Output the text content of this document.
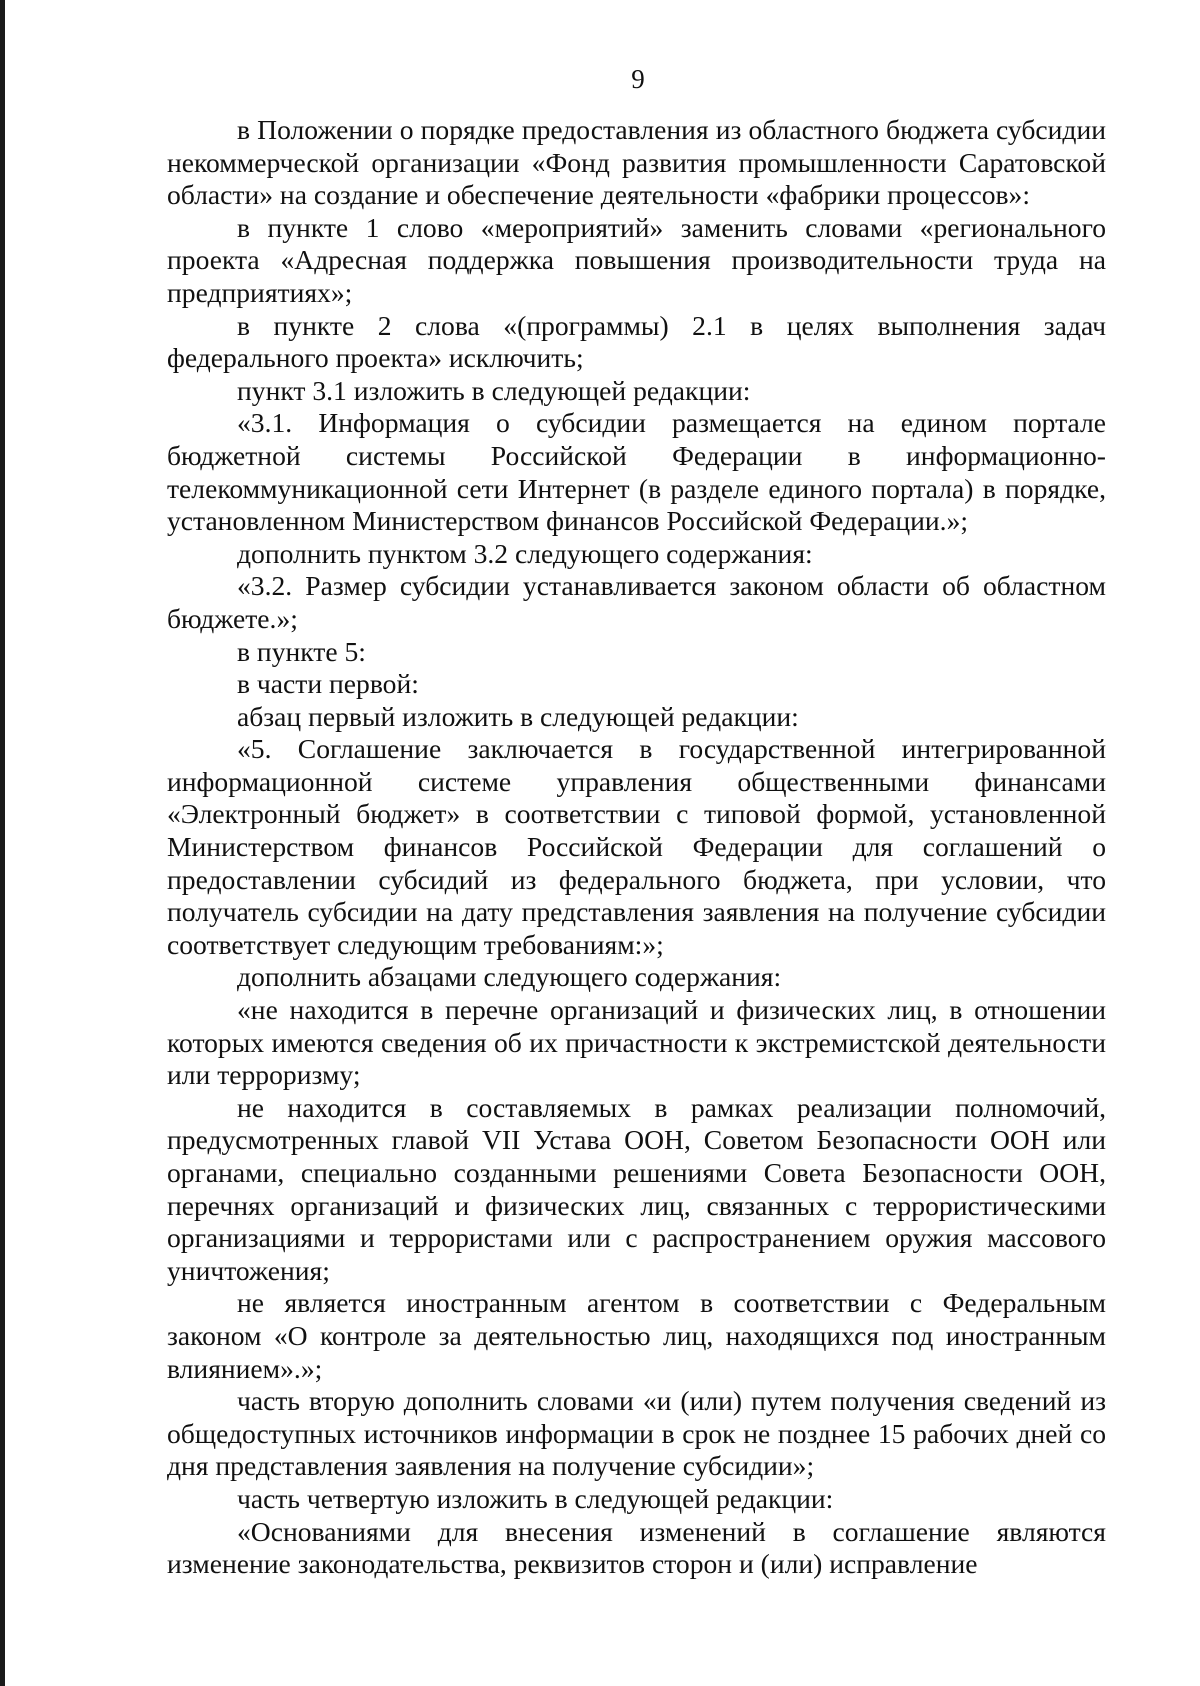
9

в Положении о порядке предоставления из областного бюджета субсидии некоммерческой организации «Фонд развития промышленности Саратовской области» на создание и обеспечение деятельности «фабрики процессов»:

в пункте 1 слово «мероприятий» заменить словами «регионального проекта «Адресная поддержка повышения производительности труда на предприятиях»;

в пункте 2 слова «(программы) 2.1 в целях выполнения задач федерального проекта» исключить;

пункт 3.1 изложить в следующей редакции:

«3.1. Информация о субсидии размещается на едином портале бюджетной системы Российской Федерации в информационно-телекоммуникационной сети Интернет (в разделе единого портала) в порядке, установленном Министерством финансов Российской Федерации.»;

дополнить пунктом 3.2 следующего содержания:

«3.2. Размер субсидии устанавливается законом области об областном бюджете.»;

в пункте 5:

в части первой:

абзац первый изложить в следующей редакции:

«5. Соглашение заключается в государственной интегрированной информационной системе управления общественными финансами «Электронный бюджет» в соответствии с типовой формой, установленной Министерством финансов Российской Федерации для соглашений о предоставлении субсидий из федерального бюджета, при условии, что получатель субсидии на дату представления заявления на получение субсидии соответствует следующим требованиям:»;

дополнить абзацами следующего содержания:

«не находится в перечне организаций и физических лиц, в отношении которых имеются сведения об их причастности к экстремистской деятельности или терроризму;

не находится в составляемых в рамках реализации полномочий, предусмотренных главой VII Устава ООН, Советом Безопасности ООН или органами, специально созданными решениями Совета Безопасности ООН, перечнях организаций и физических лиц, связанных с террористическими организациями и террористами или с распространением оружия массового уничтожения;

не является иностранным агентом в соответствии с Федеральным законом «О контроле за деятельностью лиц, находящихся под иностранным влиянием».»;

часть вторую дополнить словами «и (или) путем получения сведений из общедоступных источников информации в срок не позднее 15 рабочих дней со дня представления заявления на получение субсидии»;

часть четвертую изложить в следующей редакции:

«Основаниями для внесения изменений в соглашение являются изменение законодательства, реквизитов сторон и (или) исправление
